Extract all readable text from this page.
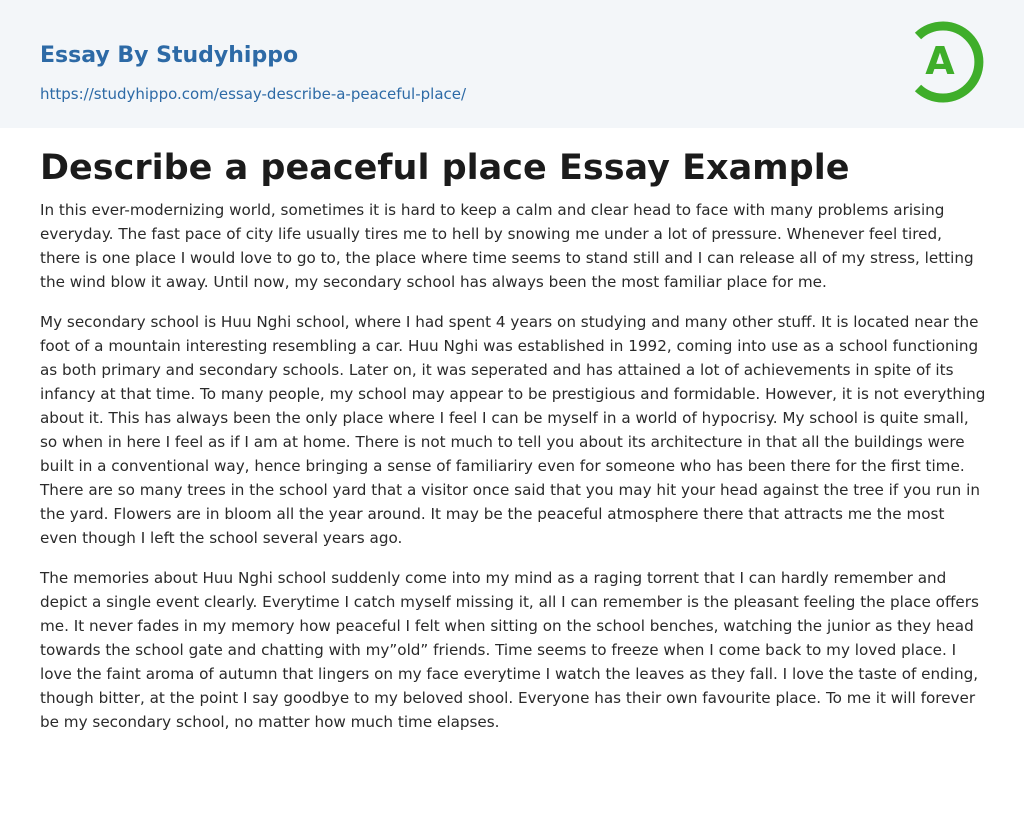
Essay By Studyhippo
https://studyhippo.com/essay-describe-a-peaceful-place/
A
Describe a peaceful place Essay Example

In this ever-modernizing world, sometimes it is hard to keep a calm and clear head to face with many problems arising everyday. The fast pace of city life usually tires me to hell by snowing me under a lot of pressure. Whenever feel tired, there is one place I would love to go to, the place where time seems to stand still and I can release all of my stress, letting the wind blow it away. Until now, my secondary school has always been the most familiar place for me.

My secondary school is Huu Nghi school, where I had spent 4 years on studying and many other stuff. It is located near the foot of a mountain interesting resembling a car. Huu Nghi was established in 1992, coming into use as a school functioning as both primary and secondary schools. Later on, it was seperated and has attained a lot of achievements in spite of its infancy at that time. To many people, my school may appear to be prestigious and formidable. However, it is not everything about it. This has always been the only place where I feel I can be myself in a world of hypocrisy. My school is quite small, so when in here I feel as if I am at home. There is not much to tell you about its architecture in that all the buildings were built in a conventional way, hence bringing a sense of familiariry even for someone who has been there for the first time. There are so many trees in the school yard that a visitor once said that you may hit your head against the tree if you run in the yard. Flowers are in bloom all the year around. It may be the peaceful atmosphere there that attracts me the most even though I left the school several years ago.

The memories about Huu Nghi school suddenly come into my mind as a raging torrent that I can hardly remember and depict a single event clearly. Everytime I catch myself missing it, all I can remember is the pleasant feeling the place offers me. It never fades in my memory how peaceful I felt when sitting on the school benches, watching the junior as they head towards the school gate and chatting with my”old” friends. Time seems to freeze when I come back to my loved place. I love the faint aroma of autumn that lingers on my face everytime I watch the leaves as they fall. I love the taste of ending, though bitter, at the point I say goodbye to my beloved shool. Everyone has their own favourite place. To me it will forever be my secondary school, no matter how much time elapses.
